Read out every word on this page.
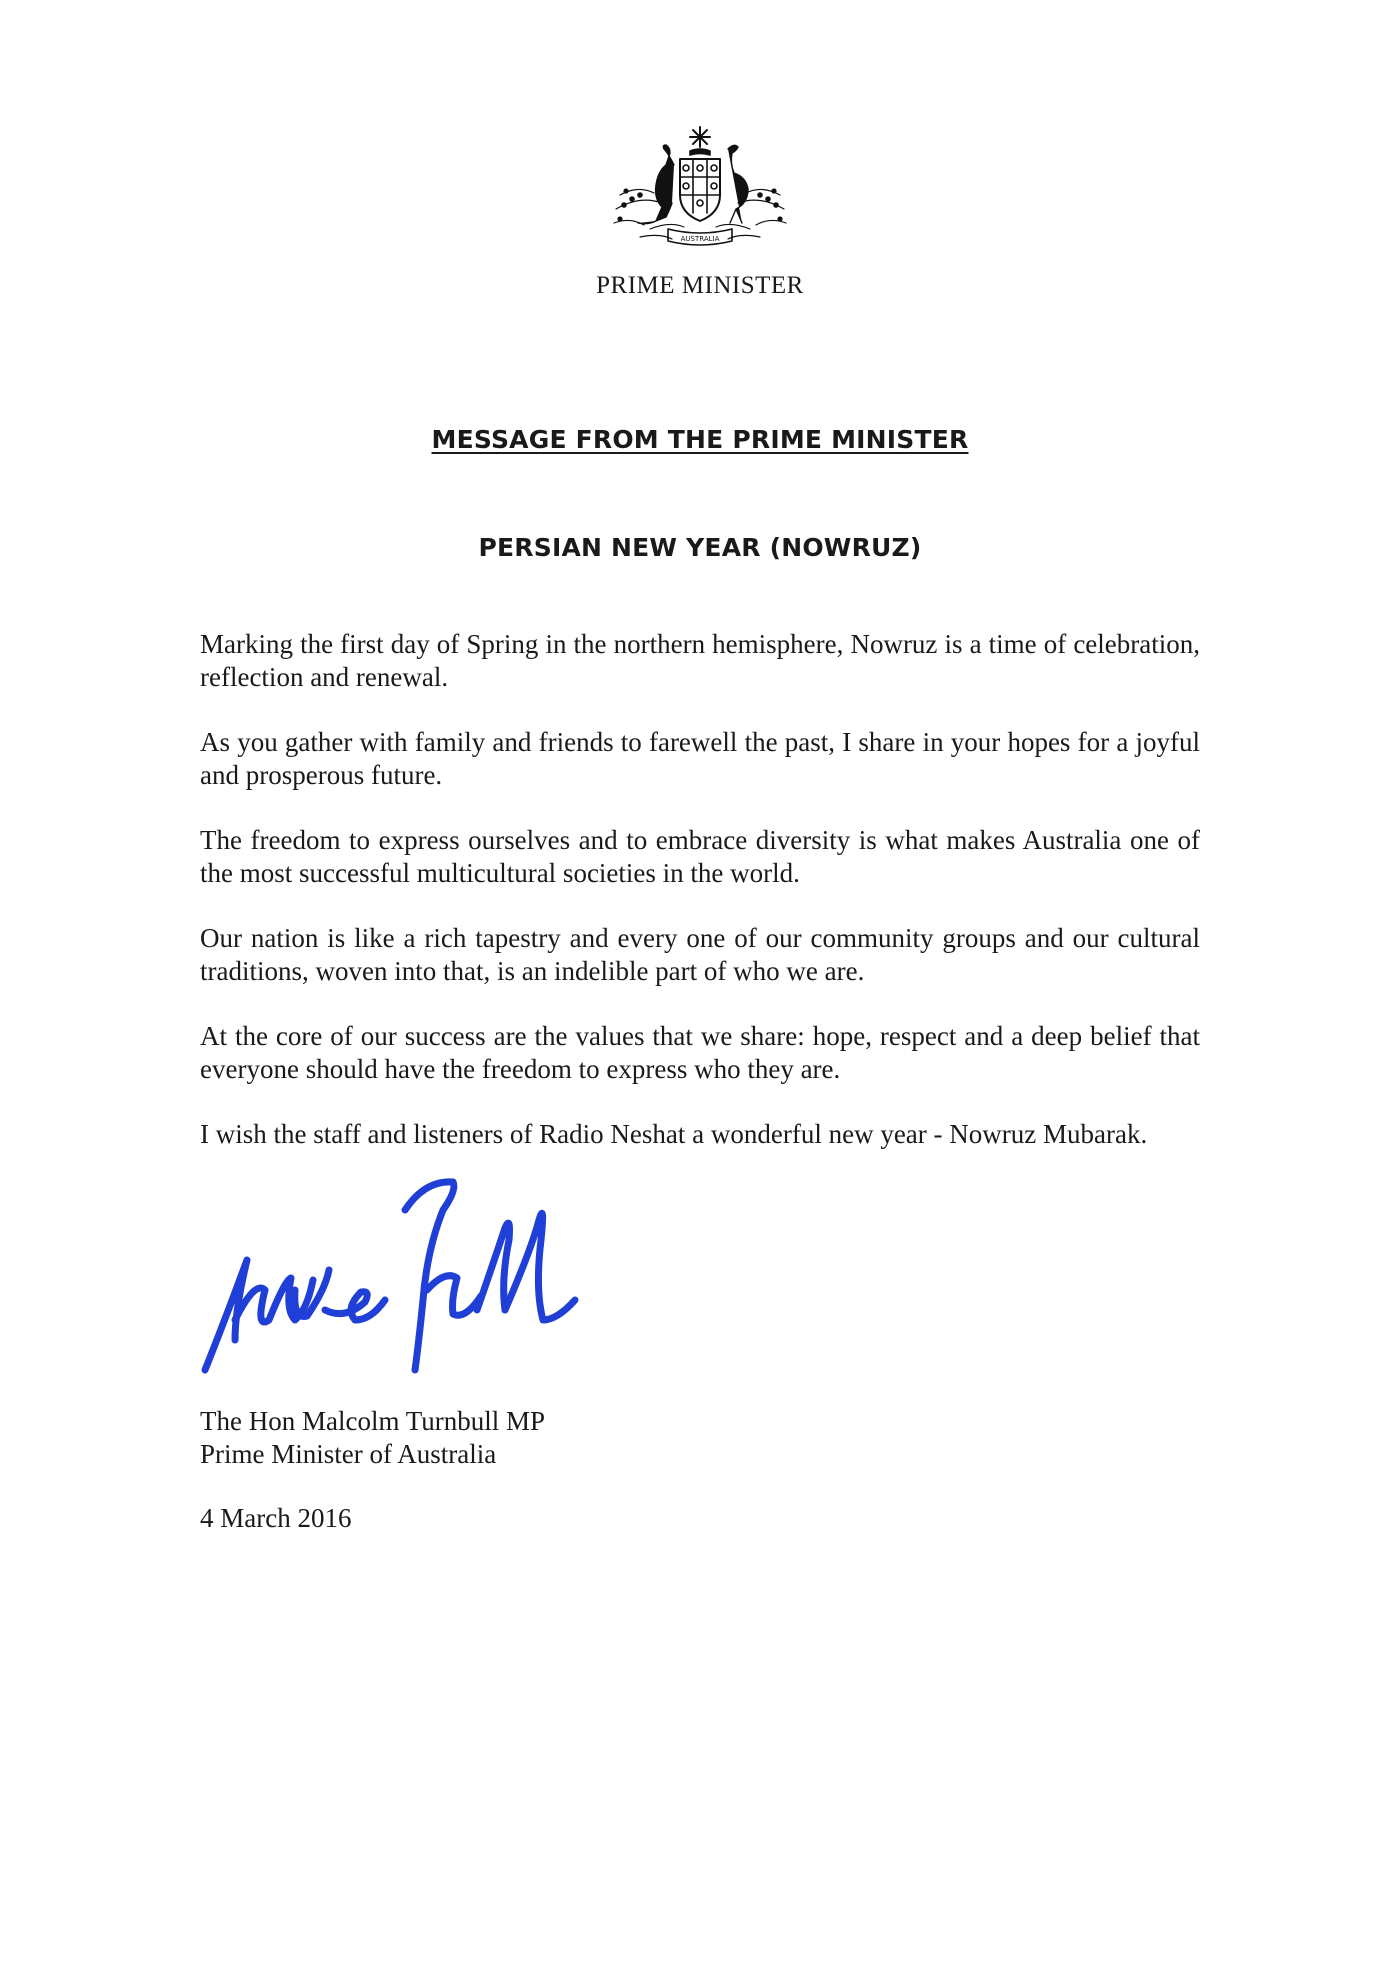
AUSTRALIA
PRIME MINISTER
MESSAGE FROM THE PRIME MINISTER
PERSIAN NEW YEAR (NOWRUZ)

Marking the first day of Spring in the northern hemisphere, Nowruz is a time of celebration, reflection and renewal.

As you gather with family and friends to farewell the past, I share in your hopes for a joyful and prosperous future.

The freedom to express ourselves and to embrace diversity is what makes Australia one of the most successful multicultural societies in the world.

Our nation is like a rich tapestry and every one of our community groups and our cultural traditions, woven into that, is an indelible part of who we are.

At the core of our success are the values that we share: hope, respect and a deep belief that everyone should have the freedom to express who they are.

I wish the staff and listeners of Radio Neshat a wonderful new year - Nowruz Mubarak.

The Hon Malcolm Turnbull MP
Prime Minister of Australia
4 March 2016
